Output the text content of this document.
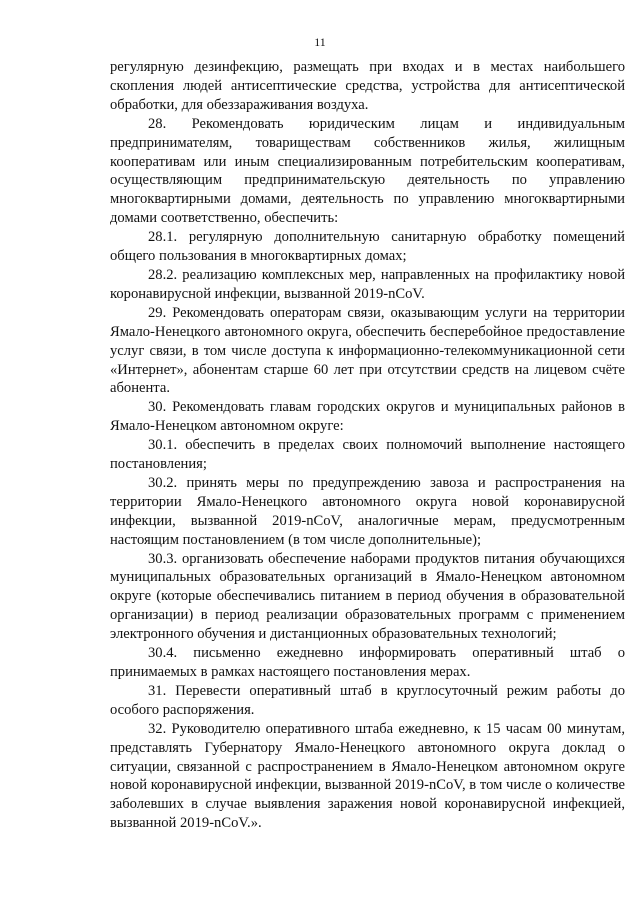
11

регулярную дезинфекцию, размещать при входах и в местах наибольшего скопления людей антисептические средства, устройства для антисептической обработки, для обеззараживания воздуха.

28. Рекомендовать юридическим лицам и индивидуальным предпринимателям, товариществам собственников жилья, жилищным кооперативам или иным специализированным потребительским кооперативам, осуществляющим предпринимательскую деятельность по управлению многоквартирными домами, деятельность по управлению многоквартирными домами соответственно, обеспечить:

28.1. регулярную дополнительную санитарную обработку помещений общего пользования в многоквартирных домах;

28.2. реализацию комплексных мер, направленных на профилактику новой коронавирусной инфекции, вызванной 2019-nCoV.

29. Рекомендовать операторам связи, оказывающим услуги на территории Ямало-Ненецкого автономного округа, обеспечить бесперебойное предоставление услуг связи, в том числе доступа к информационно-телекоммуникационной сети «Интернет», абонентам старше 60 лет при отсутствии средств на лицевом счёте абонента.

30. Рекомендовать главам городских округов и муниципальных районов в Ямало-Ненецком автономном округе:

30.1. обеспечить в пределах своих полномочий выполнение настоящего постановления;

30.2. принять меры по предупреждению завоза и распространения на территории Ямало-Ненецкого автономного округа новой коронавирусной инфекции, вызванной 2019-nCoV, аналогичные мерам, предусмотренным настоящим постановлением (в том числе дополнительные);

30.3. организовать обеспечение наборами продуктов питания обучающихся муниципальных образовательных организаций в Ямало-Ненецком автономном округе (которые обеспечивались питанием в период обучения в образовательной организации) в период реализации образовательных программ с применением электронного обучения и дистанционных образовательных технологий;

30.4. письменно ежедневно информировать оперативный штаб о принимаемых в рамках настоящего постановления мерах.

31. Перевести оперативный штаб в круглосуточный режим работы до особого распоряжения.

32. Руководителю оперативного штаба ежедневно, к 15 часам 00 минутам, представлять Губернатору Ямало-Ненецкого автономного округа доклад о ситуации, связанной с распространением в Ямало-Ненецком автономном округе новой коронавирусной инфекции, вызванной 2019-nCoV, в том числе о количестве заболевших в случае выявления заражения новой коронавирусной инфекцией, вызванной 2019-nCoV.».
